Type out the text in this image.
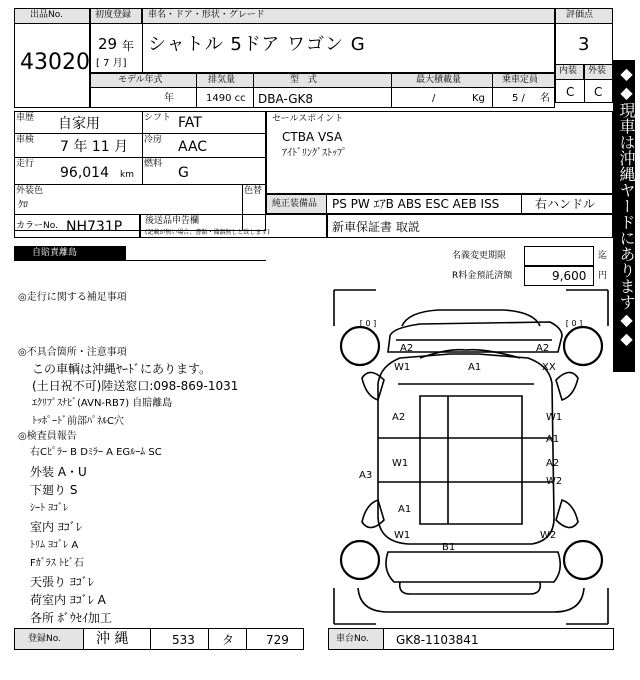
出品No.
43020
初度登録 車名・ドア・形状・グレード
29 年
[ 7 月]
シャトル 5ドア ワゴン G
評価点
3
内装 外装
C C
モデル年式	排気量	型 式	最大積載量	乗車定員
年	1490 cc DBA-GK8	/	Kg	5 / 名
車歴 自家用	シフト FAT
車検 7 年 11 月 冷房 AAC
走行
96,014 km
燃料
G
外装色
ｸﾛ
色替
セールスポイント
CTBA VSA
ｱｲﾄﾞﾘﾝｸﾞｽﾄｯﾌﾟ
純正装備品 PS PW ｴｱB ABS ESC AEB ISS	右ハンドル
カラーNo. NH731P	後送品申告欄
(記載が無い場合、書類・備器無しと致します)	新車保証書 取説
自賠責離島	名義変更期限	迄
R料金預託済額	9,600 円
◎走行に関する補足事項
◎不具合箇所・注意事項
この車輌は沖縄ﾔｰﾄﾞにあります。
(土日祝不可)陸送窓口:098-869-1031
ｴｸﾘﾌﾟｽﾅﾋﾞ(AVN-RB7) 自賠離島
ﾄｯﾎﾟｰﾄﾞ前部ﾊﾟﾈﾙC穴
◎検査員報告
右Cﾋﾟﾗｰ B Dﾐﾗｰ A EGﾙｰﾑ SC
外装 A・U
下廻り S
ｼｰﾄ ﾖｺﾞﾚ
室内 ﾖｺﾞﾚ
ﾄﾘﾑ ﾖｺﾞﾚ A
Fｶﾞﾗｽ ﾄﾋﾞ石
天張り ﾖｺﾞﾚ
荷室内 ﾖｺﾞﾚ A
各所 ﾎﾞｳｾｲ加工
[ 0 ]	[ 0 ]
A2	A2
W1	A1	XX
A2	W1
A1
W1	A2
A3
W2
A1
W1	W2
B1
◆◆現車は沖縄ヤードにあります◆◆
登録No.	沖 縄	533 タ	729	車台No. GK8-1103841
